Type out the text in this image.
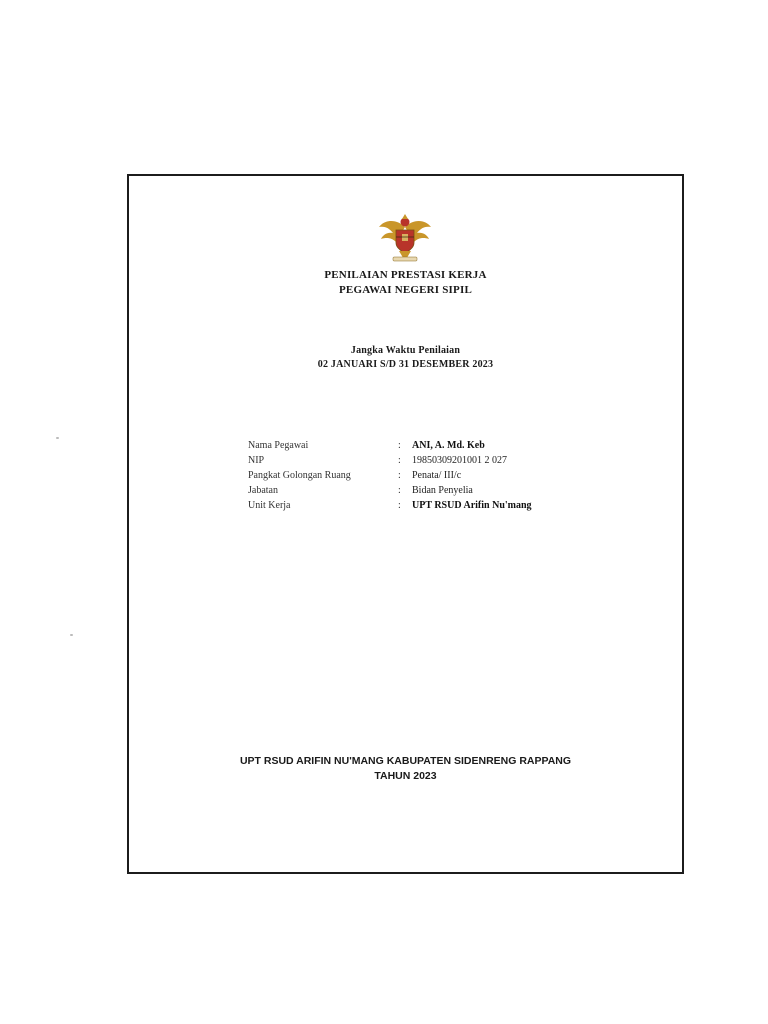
PENILAIAN PRESTASI KERJA
PEGAWAI NEGERI SIPIL
Jangka Waktu Penilaian
02 JANUARI S/D 31 DESEMBER 2023
Nama Pegawai	:	ANI, A. Md. Keb
NIP	:	19850309201001 2 027
Pangkat Golongan Ruang	:	Penata/ III/c
Jabatan	:	Bidan Penyelia
Unit Kerja	:	UPT RSUD Arifin Nu'mang
UPT RSUD ARIFIN NU'MANG KABUPATEN SIDENRENG RAPPANG
TAHUN 2023
